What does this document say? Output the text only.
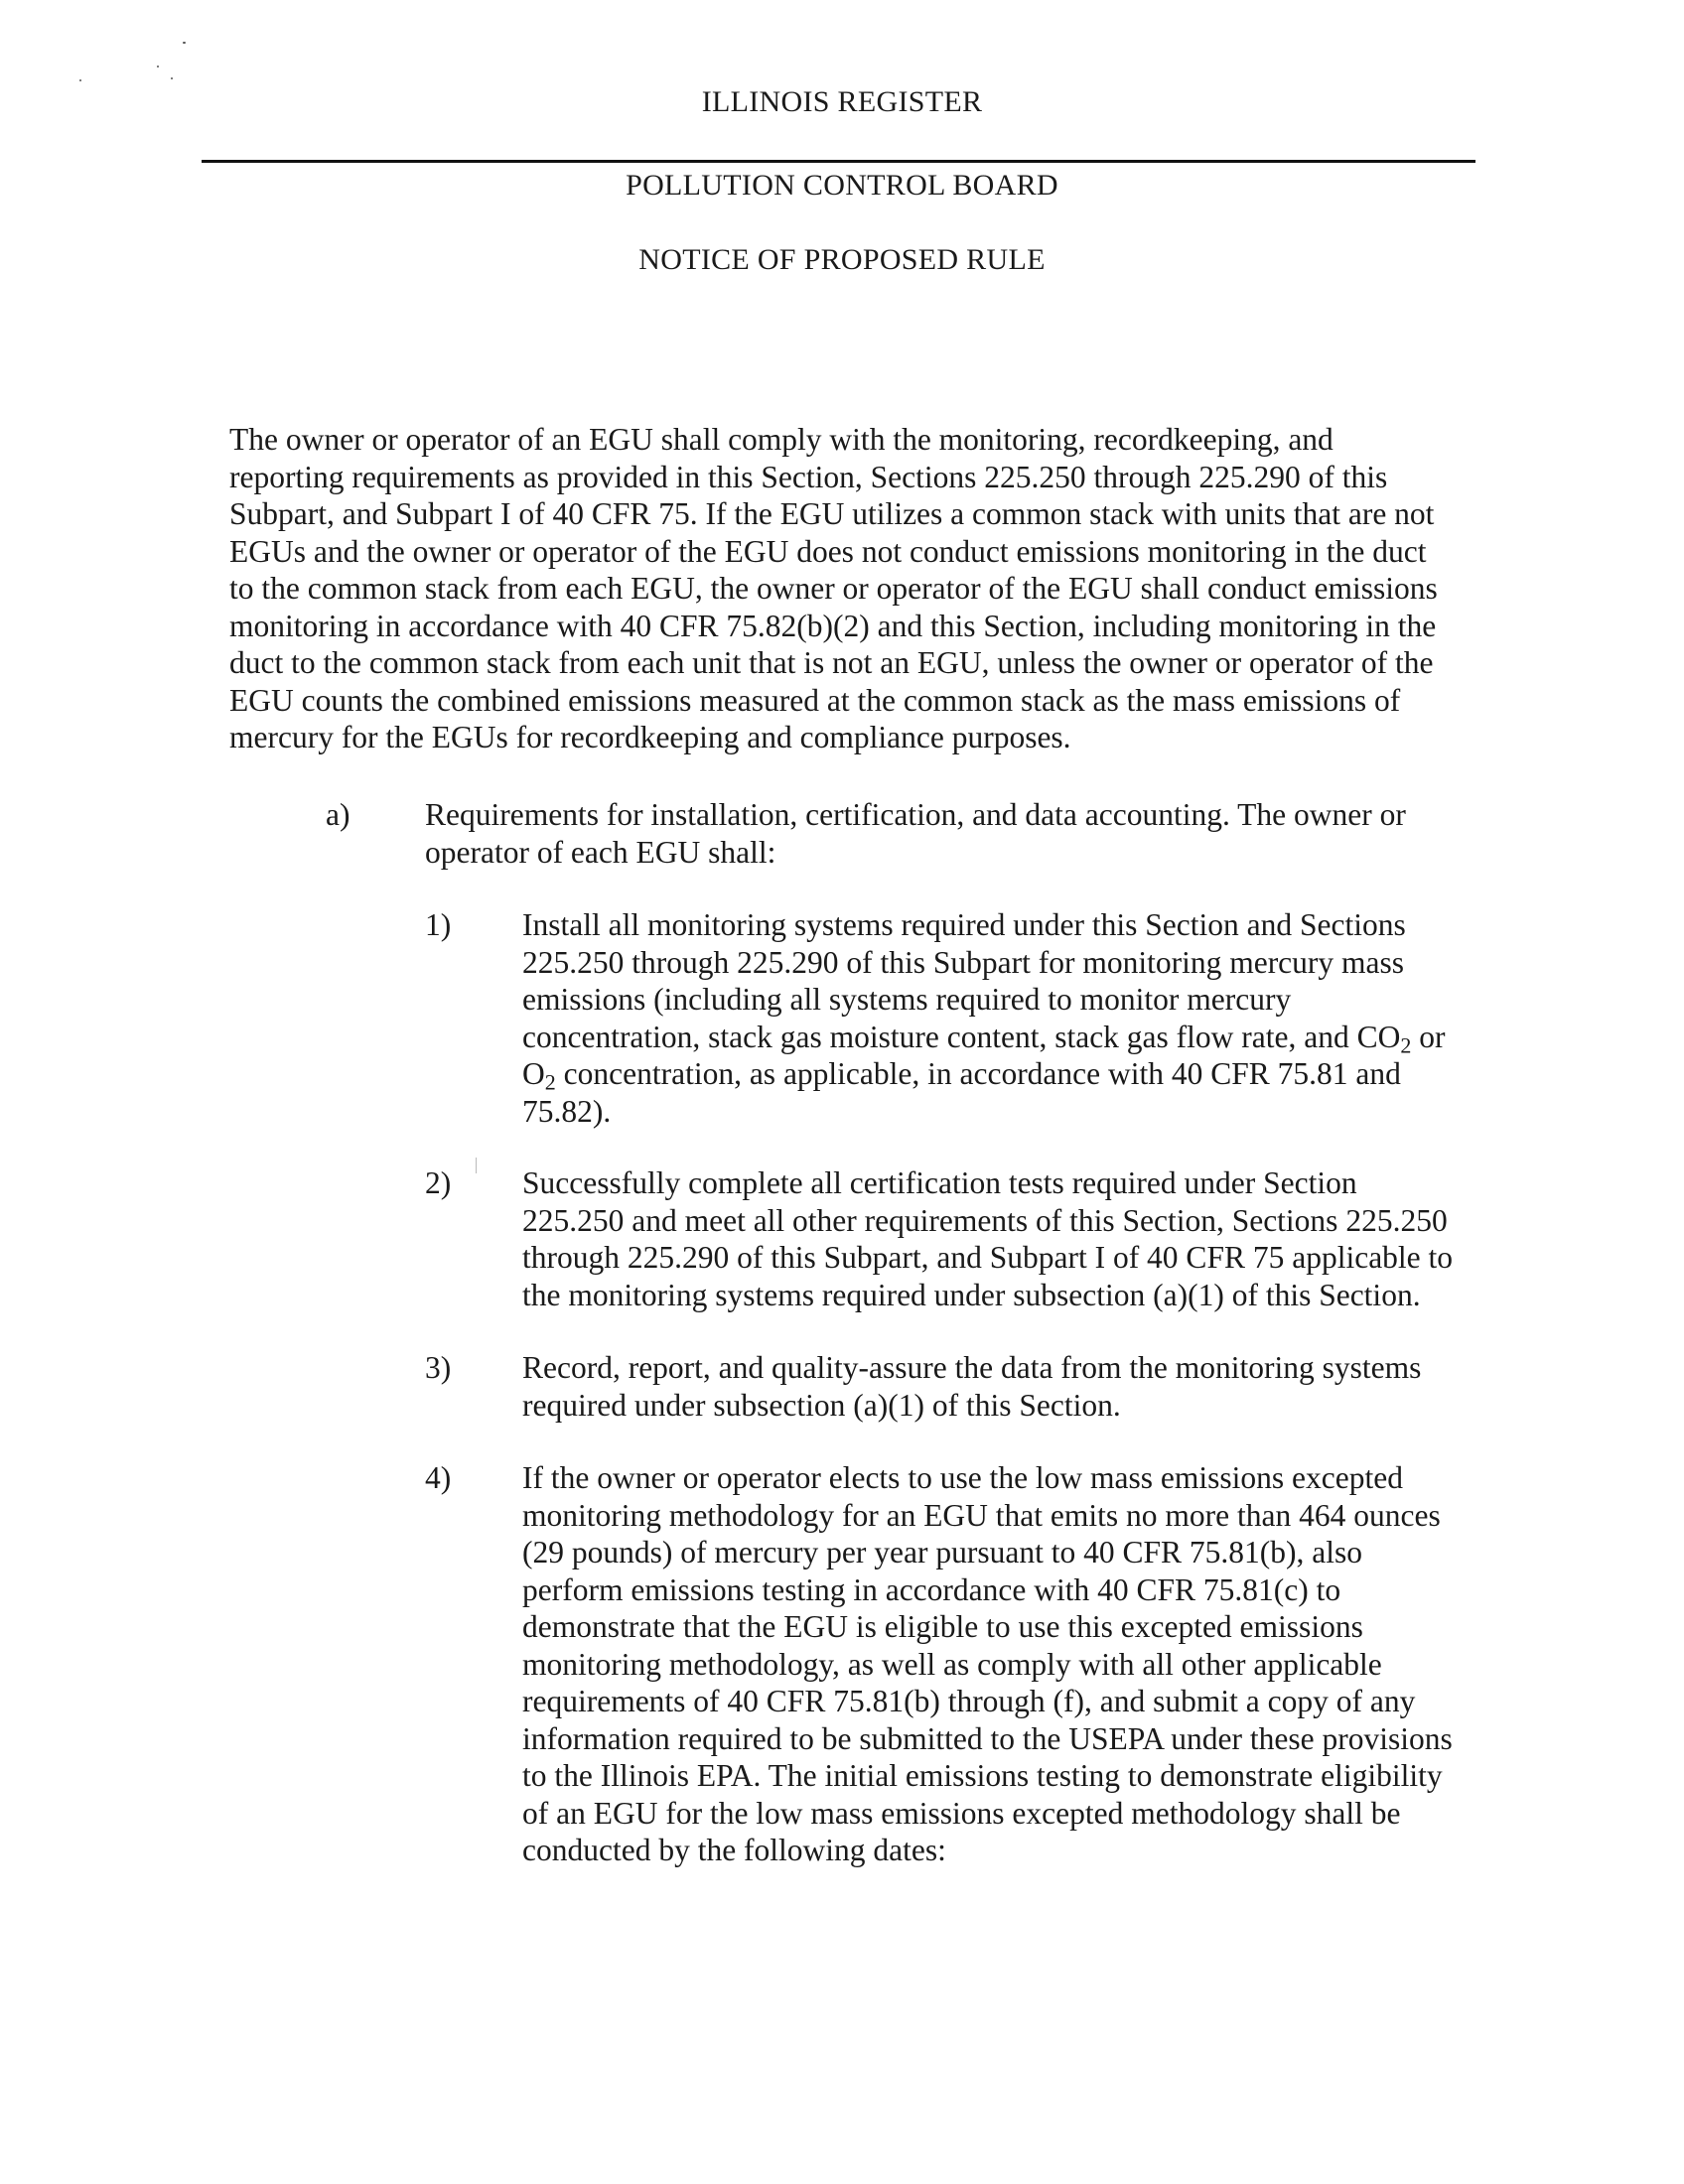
ILLINOIS REGISTER
POLLUTION CONTROL BOARD
NOTICE OF PROPOSED RULE

The owner or operator of an EGU shall comply with the monitoring, recordkeeping, and
reporting requirements as provided in this Section, Sections 225.250 through 225.290 of this
Subpart, and Subpart I of 40 CFR 75. If the EGU utilizes a common stack with units that are not
EGUs and the owner or operator of the EGU does not conduct emissions monitoring in the duct
to the common stack from each EGU, the owner or operator of the EGU shall conduct emissions
monitoring in accordance with 40 CFR 75.82(b)(2) and this Section, including monitoring in the
duct to the common stack from each unit that is not an EGU, unless the owner or operator of the
EGU counts the combined emissions measured at the common stack as the mass emissions of
mercury for the EGUs for recordkeeping and compliance purposes.

a) Requirements for installation, certification, and data accounting. The owner or
operator of each EGU shall:
1) Install all monitoring systems required under this Section and Sections
225.250 through 225.290 of this Subpart for monitoring mercury mass
emissions (including all systems required to monitor mercury
concentration, stack gas moisture content, stack gas flow rate, and $CO_2$ or
$O_2$ concentration, as applicable, in accordance with 40 CFR 75.81 and
75.82).
2) Successfully complete all certification tests required under Section
225.250 and meet all other requirements of this Section, Sections 225.250
through 225.290 of this Subpart, and Subpart I of 40 CFR 75 applicable to
the monitoring systems required under subsection (a)(1) of this Section.
3) Record, report, and quality-assure the data from the monitoring systems
required under subsection (a)(1) of this Section.
4) If the owner or operator elects to use the low mass emissions excepted
monitoring methodology for an EGU that emits no more than 464 ounces
(29 pounds) of mercury per year pursuant to 40 CFR 75.81(b), also
perform emissions testing in accordance with 40 CFR 75.81(c) to
demonstrate that the EGU is eligible to use this excepted emissions
monitoring methodology, as well as comply with all other applicable
requirements of 40 CFR 75.81(b) through (f), and submit a copy of any
information required to be submitted to the USEPA under these provisions
to the Illinois EPA. The initial emissions testing to demonstrate eligibility
of an EGU for the low mass emissions excepted methodology shall be
conducted by the following dates:
